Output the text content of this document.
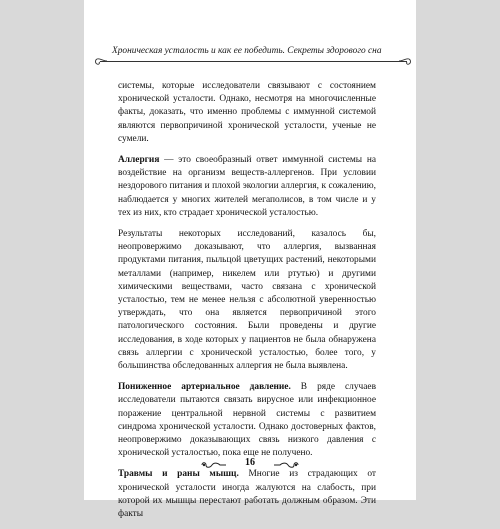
Хроническая усталость и как ее победить. Секреты здорового сна

системы, которые исследователи связывают с состоянием хронической усталости. Однако, несмотря на многочисленные факты, доказать, что именно проблемы с иммунной системой являются первопричиной хронической усталости, ученые не сумели.

Аллергия — это своеобразный ответ иммунной системы на воздействие на организм веществ-аллергенов. При условии нездорового питания и плохой экологии аллергия, к сожалению, наблюдается у многих жителей мегаполисов, в том числе и у тех из них, кто страдает хронической усталостью.

Результаты некоторых исследований, казалось бы, неопровержимо доказывают, что аллергия, вызванная продуктами питания, пыльцой цветущих растений, некоторыми металлами (например, никелем или ртутью) и другими химическими веществами, часто связана с хронической усталостью, тем не менее нельзя с абсолютной уверенностью утверждать, что она является первопричиной этого патологического состояния. Были проведены и другие исследования, в ходе которых у пациентов не была обнаружена связь аллергии с хронической усталостью, более того, у большинства обследованных аллергия не была выявлена.

Пониженное артериальное давление. В ряде случаев исследователи пытаются связать вирусное или инфекционное поражение центральной нервной системы с развитием синдрома хронической усталости. Однако достоверных фактов, неопровержимо доказывающих связь низкого давления с хронической усталостью, пока еще не получено.

Травмы и раны мышц. Многие из страдающих от хронической усталости иногда жалуются на слабость, при которой их мышцы перестают работать должным образом. Эти факты

16
